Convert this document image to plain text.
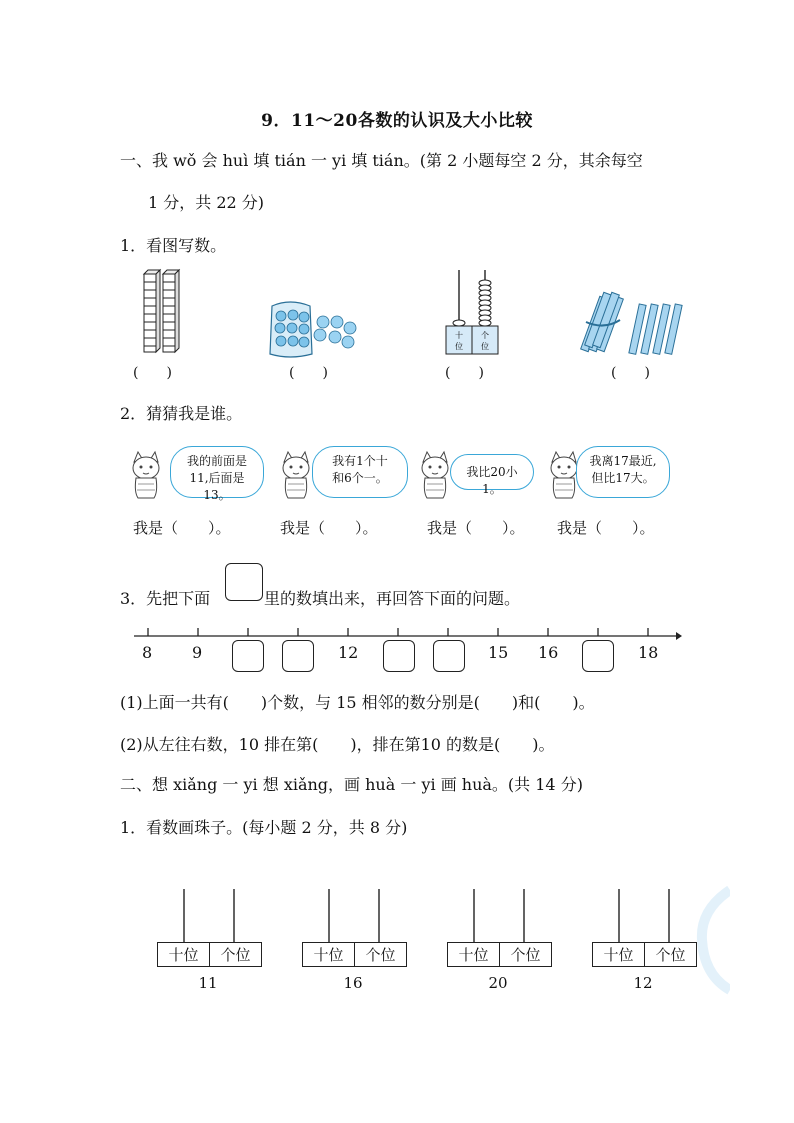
9．11～20各数的认识及大小比较
一、我 wǒ 会 huì 填 tián 一 yi 填 tián。(第 2 小题每空 2 分，其余每空
1 分，共 22 分)
1．看图写数。
十
位
个
位
(　　)	(　　)	(　　)	(　　)
2．猜猜我是谁。
我的前面是
11,后面是13。
我有1个十
和6个一。	我比20小1。
我离17最近,
但比17大。
我是（　　）。	我是（　　）。	我是（　　）。 我是（　　）。
3．先把下面	里的数填出来，再回答下面的问题。
8 9	12	15 16	18
(1)上面一共有(　　)个数，与 15 相邻的数分别是(　　)和(　　)。
(2)从左往右数，10 排在第(　　)，排在第10 的数是(　　)。
二、想 xiǎng 一 yi 想 xiǎng，画 huà 一 yi 画 huà。(共 14 分)
1．看数画珠子。(每小题 2 分，共 8 分)
十位	个位	十位	个位	十位	个位	十位	个位
11	16	20	12
